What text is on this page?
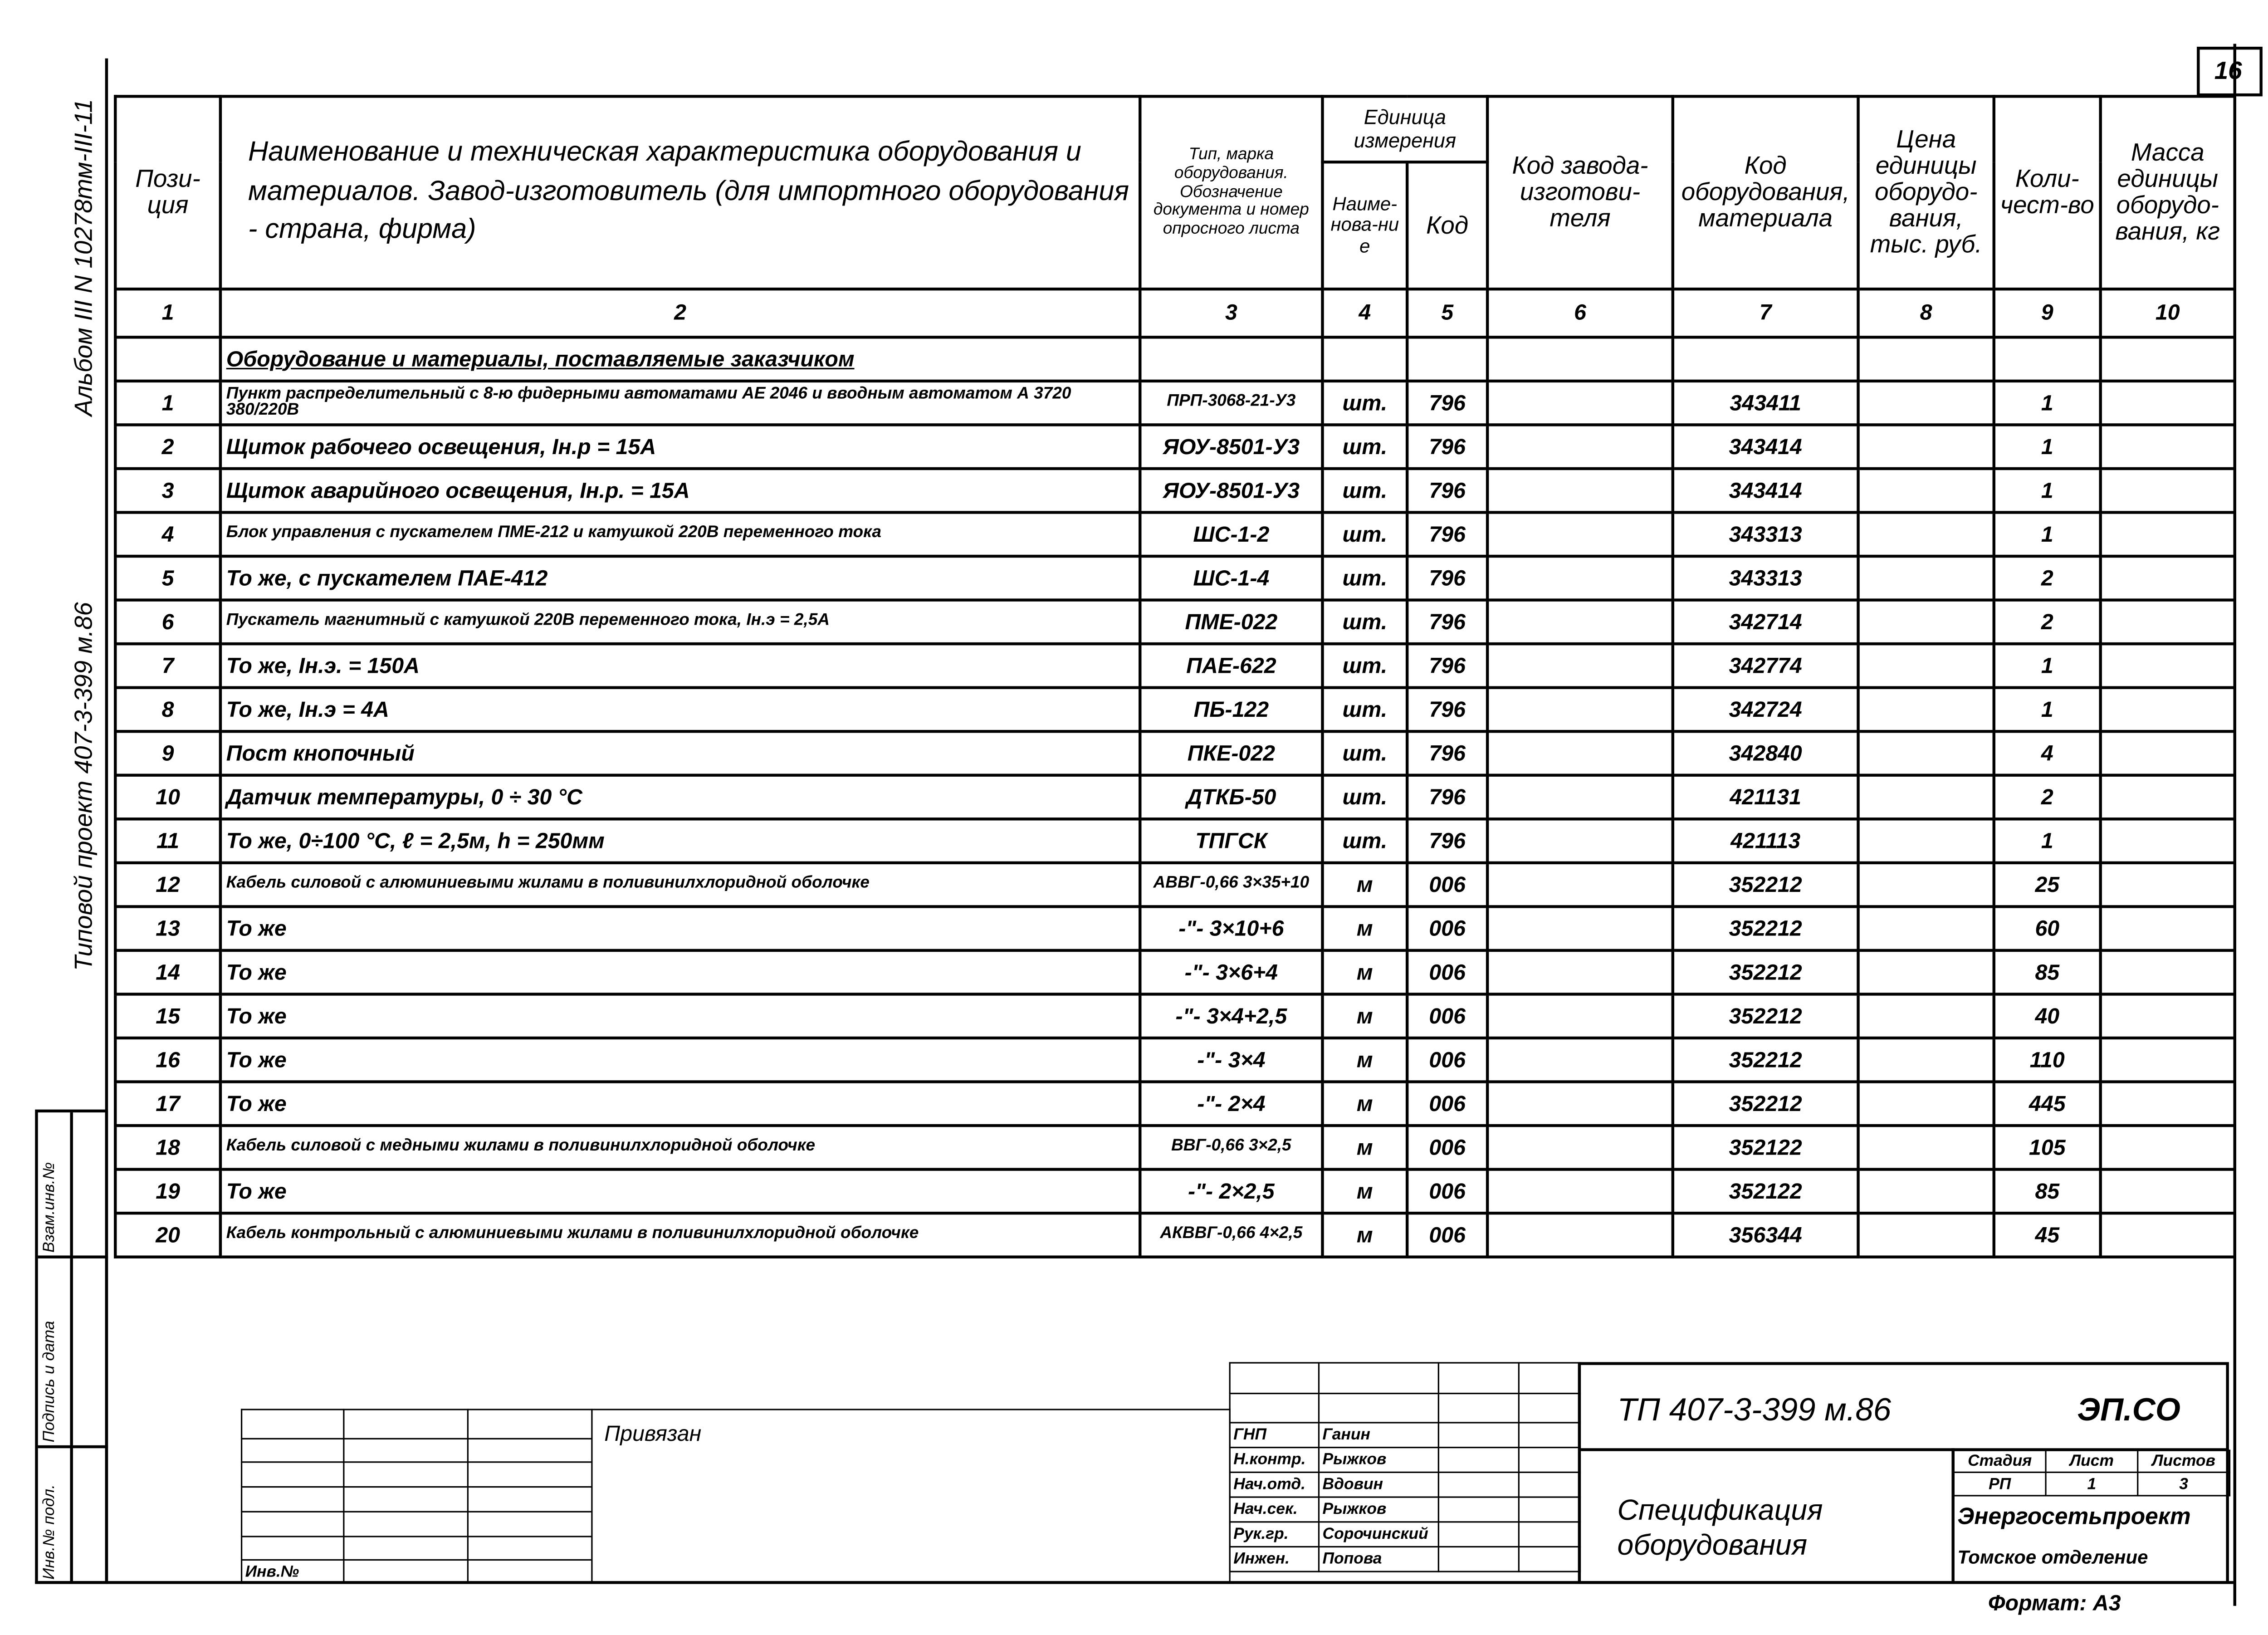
16
Альбом III N 10278тм-III-11
Типовой проект 407-3-399 м.86
Взам.инв.№
Подпись и дата
Инв.№ подл.
Пози-ция	Наименование и техническая характеристика оборудования и материалов. Завод-изготовитель (для импортного оборудования - страна, фирма)	Тип, марка оборудования. Обозначение документа и номер опросного листа	Единица измерения		Код завода-изготови-теля	Код оборудования, материала	Цена единицы оборудо-вания, тыс. руб.	Коли-чест-во	Масса единицы оборудо-вания, кг
			Наиме-нова-ние	Код					
1	2	3	4	5	6	7	8	9	10
	Оборудование и материалы, поставляемые заказчиком								
1	Пункт распределительный с 8-ю фидерными автоматами АЕ 2046 и вводным автоматом А 3720 380/220В	ПРП-3068-21-У3	шт.	796		343411		1	
2	Щиток рабочего освещения, Iн.р = 15А	ЯОУ-8501-У3	шт.	796		343414		1	
3	Щиток аварийного освещения, Iн.р. = 15А	ЯОУ-8501-У3	шт.	796		343414		1	
4	Блок управления с пускателем ПМЕ-212 и катушкой 220В переменного тока	ШС-1-2	шт.	796		343313		1	
5	То же, с пускателем ПАЕ-412	ШС-1-4	шт.	796		343313		2	
6	Пускатель магнитный с катушкой 220В переменного тока, Iн.э = 2,5А	ПМЕ-022	шт.	796		342714		2	
7	То же, Iн.э. = 150А	ПАЕ-622	шт.	796		342774		1	
8	То же, Iн.э = 4А	ПБ-122	шт.	796		342724		1	
9	Пост кнопочный	ПКЕ-022	шт.	796		342840		4	
10	Датчик температуры, 0 ÷ 30 °С	ДТКБ-50	шт.	796		421131		2	
11	То же, 0÷100 °С, ℓ = 2,5м, h = 250мм	ТПГСК	шт.	796		421113		1	
12	Кабель силовой с алюминиевыми жилами в поливинилхлоридной оболочке	АВВГ-0,66 3×35+10	м	006		352212		25	
13	То же	-"- 3×10+6	м	006		352212		60	
14	То же	-"- 3×6+4	м	006		352212		85	
15	То же	-"- 3×4+2,5	м	006		352212		40	
16	То же	-"- 3×4	м	006		352212		110	
17	То же	-"- 2×4	м	006		352212		445	
18	Кабель силовой с медными жилами в поливинилхлоридной оболочке	ВВГ-0,66 3×2,5	м	006		352122		105	
19	То же	-"- 2×2,5	м	006		352122		85	
20	Кабель контрольный с алюминиевыми жилами в поливинилхлоридной оболочке	АКВВГ-0,66 4×2,5	м	006		356344		45	
			Привязан

Инв.№			

ГНП	Ганин		
Н.контр.	Рыжков		
Нач.отд.	Вдовин		
Нач.сек.	Рыжков		
Рук.гр.	Сорочинский		
Инжен.	Попова		
ТП 407-3-399 м.86	ЭП.СО
Спецификация оборудования
Стадия	Лист	Листов
РП	1	3
Энергосетьпроект
Томское отделение
Формат: А3
